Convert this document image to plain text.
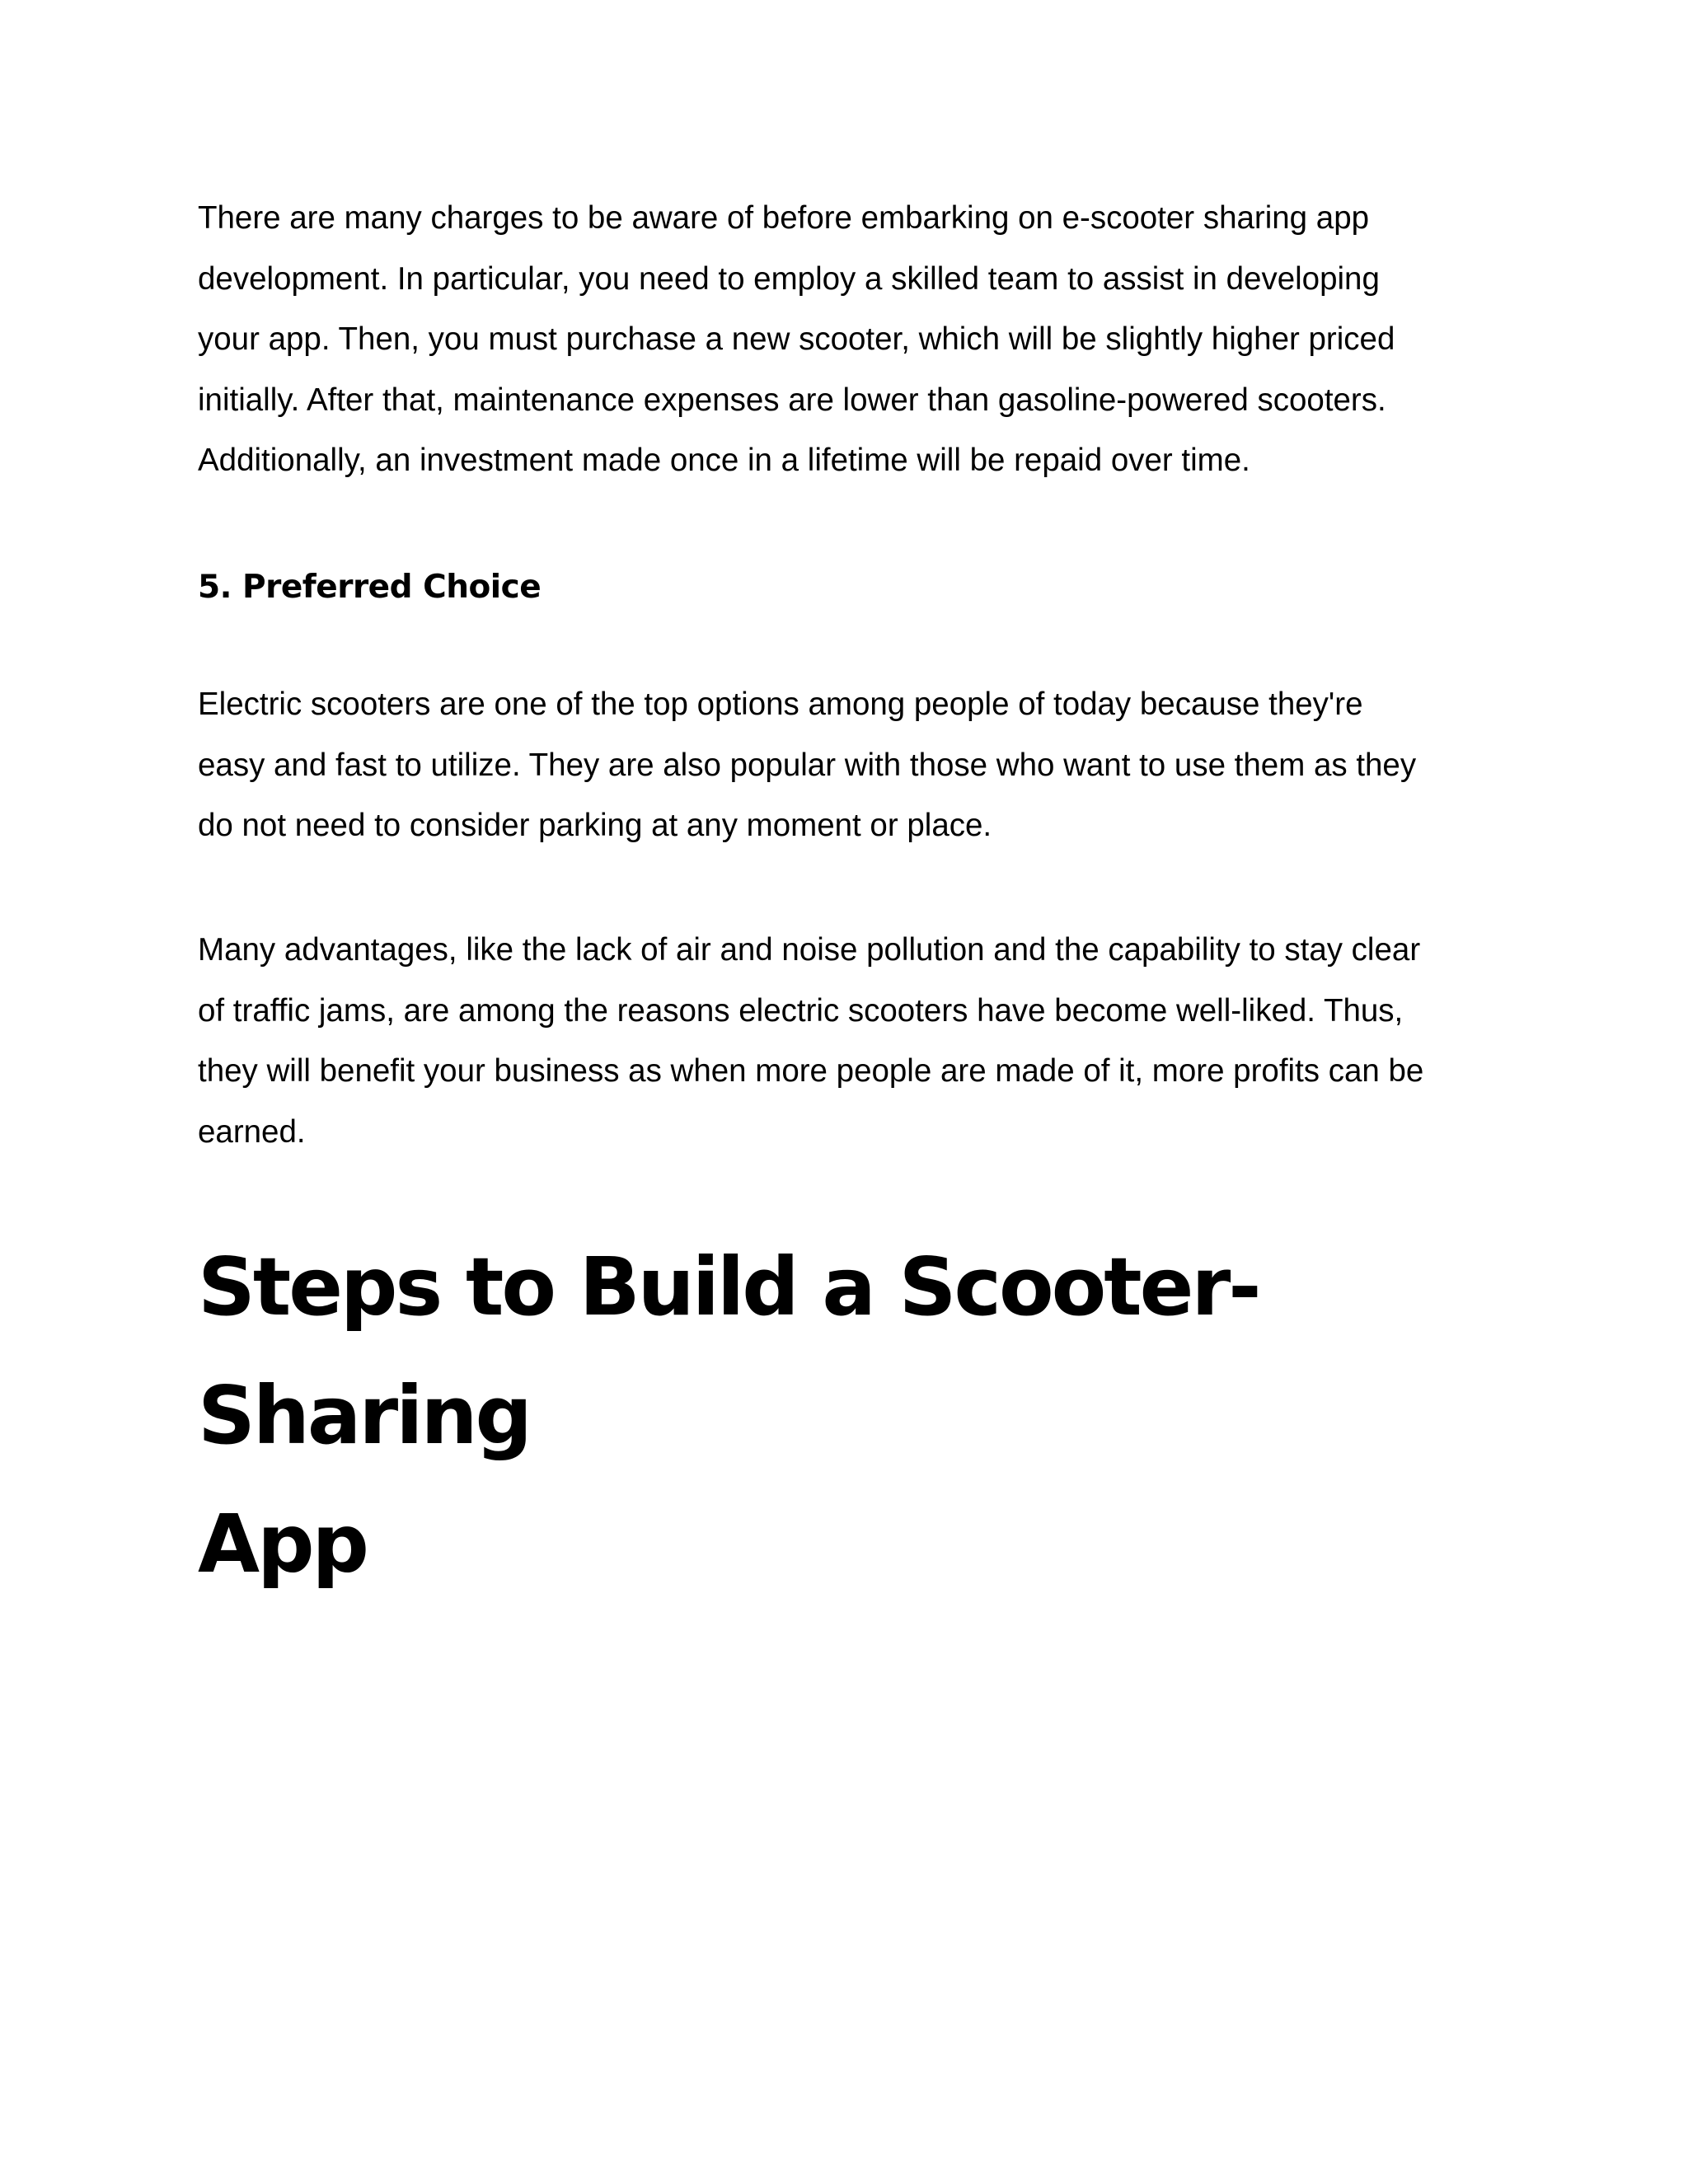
There are many charges to be aware of before embarking on e-scooter sharing app
development. In particular, you need to employ a skilled team to assist in developing
your app. Then, you must purchase a new scooter, which will be slightly higher priced
initially. After that, maintenance expenses are lower than gasoline-powered scooters.
Additionally, an investment made once in a lifetime will be repaid over time.

5. Preferred Choice

Electric scooters are one of the top options among people of today because they're
easy and fast to utilize. They are also popular with those who want to use them as they
do not need to consider parking at any moment or place.

Many advantages, like the lack of air and noise pollution and the capability to stay clear
of traffic jams, are among the reasons electric scooters have become well-liked. Thus,
they will benefit your business as when more people are made of it, more profits can be
earned.

Steps to Build a Scooter-Sharing
App
